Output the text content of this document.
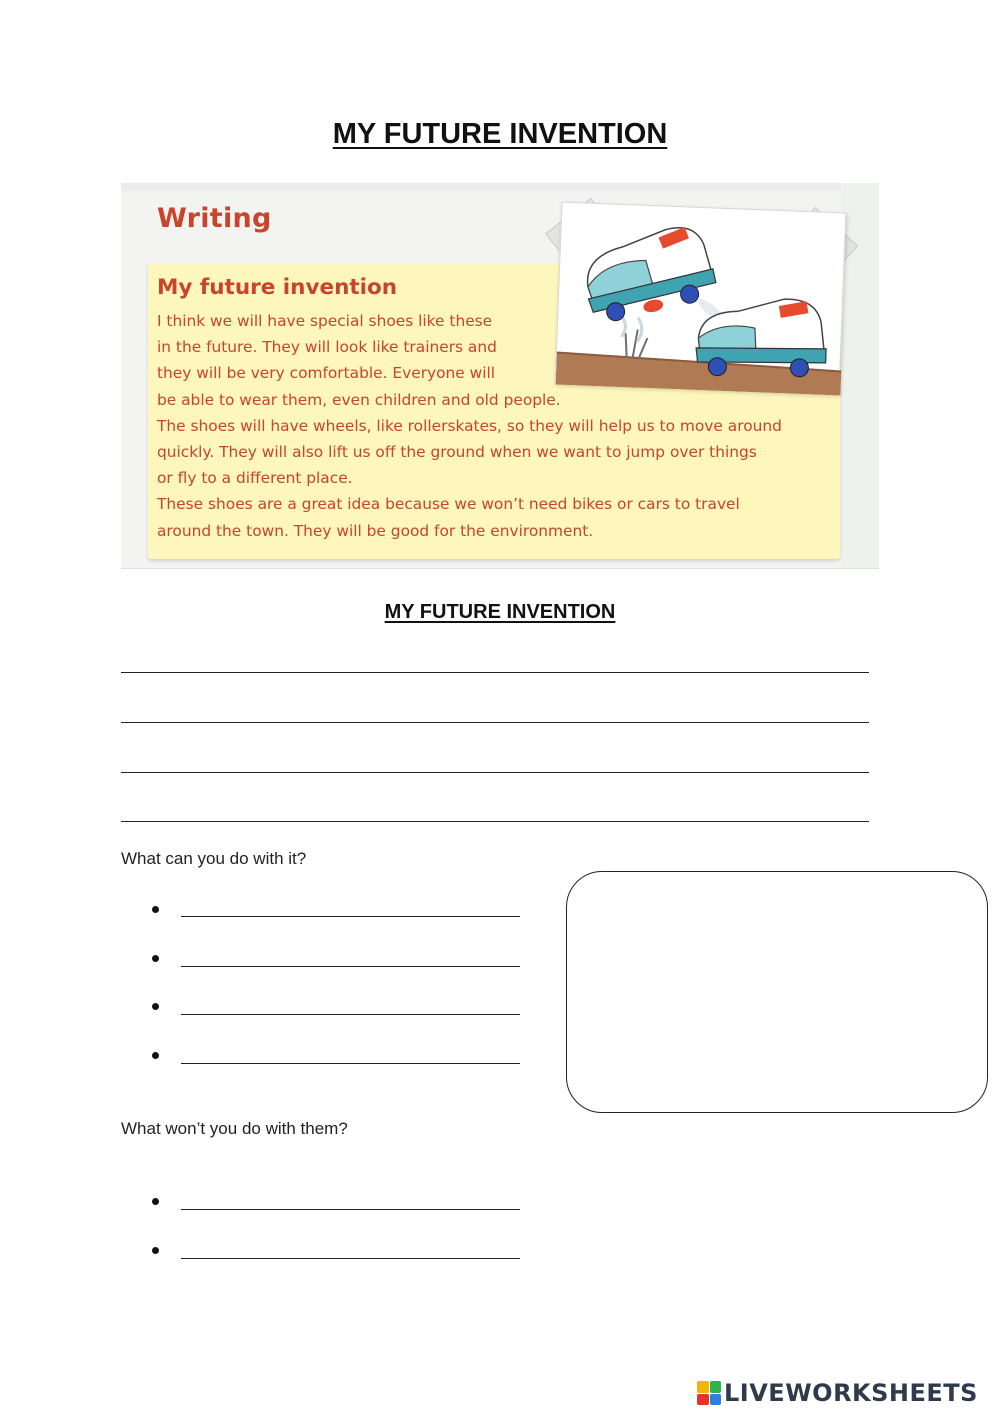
MY FUTURE INVENTION
Writing
My future invention
I think we will have special shoes like these
in the future. They will look like trainers and
they will be very comfortable. Everyone will
be able to wear them, even children and old people.
The shoes will have wheels, like rollerskates, so they will help us to move around
quickly. They will also lift us off the ground when we want to jump over things
or fly to a different place.
These shoes are a great idea because we won’t need bikes or cars to travel
around the town. They will be good for the environment.
MY FUTURE INVENTION
What can you do with it?
What won’t you do with them?
LIVEWORKSHEETS
